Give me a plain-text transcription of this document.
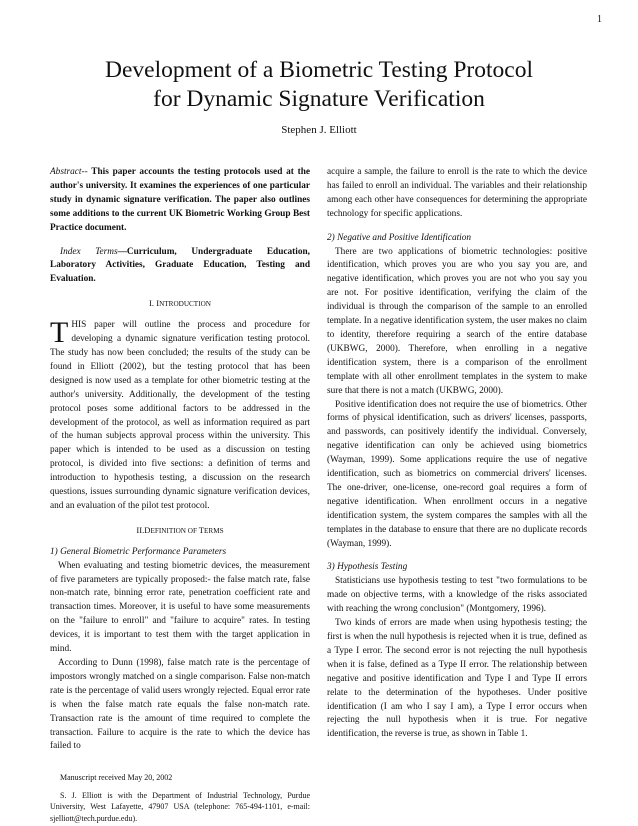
1
Development of a Biometric Testing Protocol
for Dynamic Signature Verification
Stephen J. Elliott

Abstract-- This paper accounts the testing protocols used at the author's university. It examines the experiences of one particular study in dynamic signature verification. The paper also outlines some additions to the current UK Biometric Working Group Best Practice document.

Index Terms—Curriculum, Undergraduate Education, Laboratory Activities, Graduate Education, Testing and Evaluation.

I. INTRODUCTION

THIS paper will outline the process and procedure for developing a dynamic signature verification testing protocol. The study has now been concluded; the results of the study can be found in Elliott (2002), but the testing protocol that has been designed is now used as a template for other biometric testing at the author's university. Additionally, the development of the testing protocol poses some additional factors to be addressed in the development of the protocol, as well as information required as part of the human subjects approval process within the university. This paper which is intended to be used as a discussion on testing protocol, is divided into five sections: a definition of terms and introduction to hypothesis testing, a discussion on the research questions, issues surrounding dynamic signature verification devices, and an evaluation of the pilot test protocol.

II.DEFINITION OF TERMS

1) General Biometric Performance Parameters

When evaluating and testing biometric devices, the measurement of five parameters are typically proposed:- the false match rate, false non-match rate, binning error rate, penetration coefficient rate and transaction times. Moreover, it is useful to have some measurements on the "failure to enroll" and "failure to acquire" rates. In testing devices, it is important to test them with the target application in mind.

According to Dunn (1998), false match rate is the percentage of impostors wrongly matched on a single comparison. False non-match rate is the percentage of valid users wrongly rejected. Equal error rate is when the false match rate equals the false non-match rate. Transaction rate is the amount of time required to complete the transaction. Failure to acquire is the rate to which the device has failed to

Manuscript received May 20, 2002

S. J. Elliott is with the Department of Industrial Technology, Purdue University, West Lafayette, 47907 USA (telephone: 765-494-1101, e-mail: sjelliott@tech.purdue.edu).

acquire a sample, the failure to enroll is the rate to which the device has failed to enroll an individual. The variables and their relationship among each other have consequences for determining the appropriate technology for specific applications.

2) Negative and Positive Identification

There are two applications of biometric technologies: positive identification, which proves you are who you say you are, and negative identification, which proves you are not who you say you are not. For positive identification, verifying the claim of the individual is through the comparison of the sample to an enrolled template. In a negative identification system, the user makes no claim to identity, therefore requiring a search of the entire database (UKBWG, 2000). Therefore, when enrolling in a negative identification system, there is a comparison of the enrollment template with all other enrollment templates in the system to make sure that there is not a match (UKBWG, 2000).

Positive identification does not require the use of biometrics. Other forms of physical identification, such as drivers' licenses, passports, and passwords, can positively identify the individual. Conversely, negative identification can only be achieved using biometrics (Wayman, 1999). Some applications require the use of negative identification, such as biometrics on commercial drivers' licenses. The one-driver, one-license, one-record goal requires a form of negative identification. When enrollment occurs in a negative identification system, the system compares the samples with all the templates in the database to ensure that there are no duplicate records (Wayman, 1999).

3) Hypothesis Testing

Statisticians use hypothesis testing to test "two formulations to be made on objective terms, with a knowledge of the risks associated with reaching the wrong conclusion" (Montgomery, 1996).

Two kinds of errors are made when using hypothesis testing; the first is when the null hypothesis is rejected when it is true, defined as a Type I error. The second error is not rejecting the null hypothesis when it is false, defined as a Type II error. The relationship between negative and positive identification and Type I and Type II errors relate to the determination of the hypotheses. Under positive identification (I am who I say I am), a Type I error occurs when rejecting the null hypothesis when it is true. For negative identification, the reverse is true, as shown in Table 1.
